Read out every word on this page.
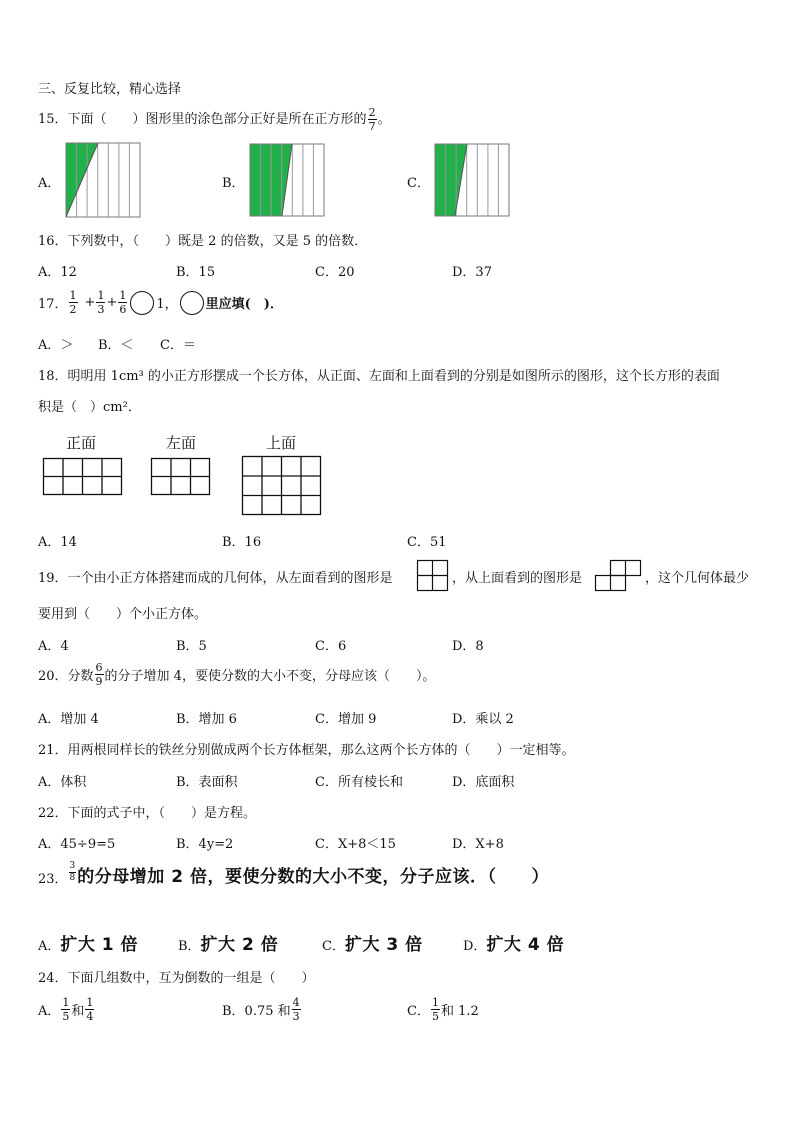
三、反复比较，精心选择
15．下面（　　）图形里的涂色部分正好是所在正方形的 $\frac{2}{7}$ 。
A．	B．	C．
16．下列数中，（　　）既是 2 的倍数，又是 5 的倍数．
A．12	B．15	C．20	D．37
17． $\frac{1}{2} + \frac{1}{3} + \frac{1}{6} 1$， 里应填(　)．
A．＞ B．＜ C．＝
18．明明用 1cm³ 的小正方形摆成一个长方体，从正面、左面和上面看到的分别是如图所示的图形，这个长方形的表面
积是（　）cm²．
正面	左面	上面
A．14	B．16	C．51
19．一个由小正方体搭建而成的几何体，从左面看到的图形是	，从上面看到的图形是	，这个几何体最少
要用到（　　）个小正方体。
A．4	B．5	C．6	D．8
20．分数 $\frac{6}{9}$ 的分子增加 4，要使分数的大小不变，分母应该（　　）。
A．增加 4	B．增加 6	C．增加 9	D．乘以 2
21．用两根同样长的铁丝分别做成两个长方体框架，那么这两个长方体的（　　）一定相等。
A．体积	B．表面积	C．所有棱长和	D．底面积
22．下面的式子中，（　　）是方程。
A．45÷9=5	B．4y=2	C．X+8＜15	D．X+8
23． $\frac{3}{8}$ 的分母增加 2 倍，要使分数的大小不变，分子应该．（　　）
A．扩大 1 倍	B．扩大 2 倍	C．扩大 3 倍	D．扩大 4 倍
24．下面几组数中，互为倒数的一组是（　　）
A． $\frac{1}{5}$ 和 $\frac{1}{4}$	B．0.75 和 $\frac{4}{3}$	C． $\frac{1}{5}$ 和 1.2
